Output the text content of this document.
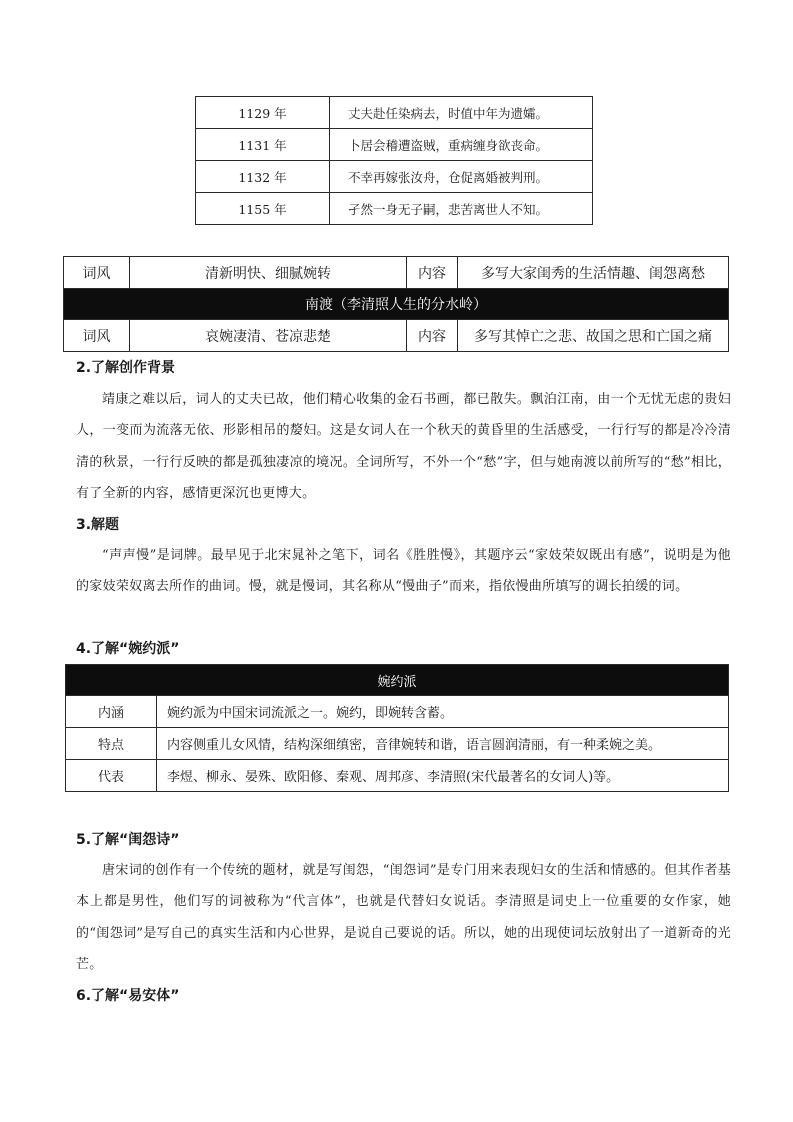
1129 年	丈夫赴任染病去，时值中年为遗孀。
1131 年	卜居会稽遭盗贼，重病缠身欲丧命。
1132 年	不幸再嫁张汝舟，仓促离婚被判刑。
1155 年	孑然一身无子嗣，悲苦离世人不知。
词风	清新明快、细腻婉转	内容	多写大家闺秀的生活情趣、闺怨离愁
南渡（李清照人生的分水岭）			
词风	哀婉凄清、苍凉悲楚	内容	多写其悼亡之悲、故国之思和亡国之痛
2.了解创作背景
靖康之难以后，词人的丈夫已故，他们精心收集的金石书画，都已散失。飘泊江南，由一个无忧无虑的贵妇人，一变而为流落无依、形影相吊的嫠妇。这是女词人在一个秋天的黄昏里的生活感受，一行行写的都是冷冷清清的秋景，一行行反映的都是孤独凄凉的境况。全词所写，不外一个“愁”字，但与她南渡以前所写的“愁”相比，有了全新的内容，感情更深沉也更博大。
3.解题
“声声慢”是词牌。最早见于北宋晁补之笔下，词名《胜胜慢》，其题序云“家妓荣奴既出有感”，说明是为他的家妓荣奴离去所作的曲词。慢，就是慢词，其名称从“慢曲子”而来，指依慢曲所填写的调长拍缓的词。
4.了解“婉约派”
婉约派	
内涵	婉约派为中国宋词流派之一。婉约，即婉转含蓄。
特点	内容侧重儿女风情，结构深细缜密，音律婉转和谐，语言圆润清丽，有一种柔婉之美。
代表	李煜、柳永、晏殊、欧阳修、秦观、周邦彦、李清照(宋代最著名的女词人)等。
5.了解“闺怨诗”
唐宋词的创作有一个传统的题材，就是写闺怨，“闺怨词”是专门用来表现妇女的生活和情感的。但其作者基本上都是男性，他们写的词被称为“代言体”，也就是代替妇女说话。李清照是词史上一位重要的女作家，她的“闺怨词”是写自己的真实生活和内心世界，是说自己要说的话。所以，她的出现使词坛放射出了一道新奇的光芒。
6.了解“易安体”
